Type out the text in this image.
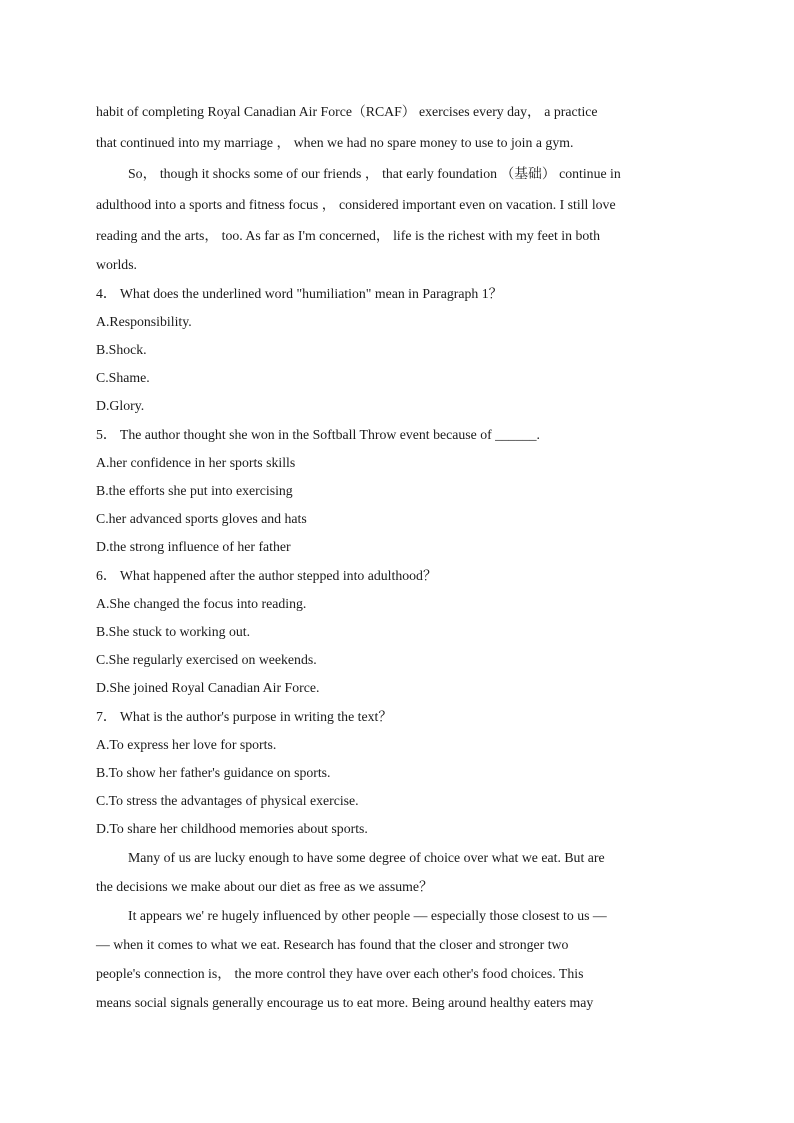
habit of completing Royal Canadian Air Force（RCAF） exercises every day， a practice

that continued into my marriage ， when we had no spare money to use to join a gym.

So， though it shocks some of our friends ， that early foundation （基础） continue in

adulthood into a sports and fitness focus ， considered important even on vacation. I still love

reading and the arts， too. As far as I'm concerned， life is the richest with my feet in both

worlds.

4． What does the underlined word "humiliation" mean in Paragraph 1？

A.Responsibility.

B.Shock.

C.Shame.

D.Glory.

5． The author thought she won in the Softball Throw event because of ______.

A.her confidence in her sports skills

B.the efforts she put into exercising

C.her advanced sports gloves and hats

D.the strong influence of her father

6． What happened after the author stepped into adulthood？

A.She changed the focus into reading.

B.She stuck to working out.

C.She regularly exercised on weekends.

D.She joined Royal Canadian Air Force.

7． What is the author's purpose in writing the text？

A.To express her love for sports.

B.To show her father's guidance on sports.

C.To stress the advantages of physical exercise.

D.To share her childhood memories about sports.

Many of us are lucky enough to have some degree of choice over what we eat. But are

the decisions we make about our diet as free as we assume？

It appears we' re hugely influenced by other people — especially those closest to us —

— when it comes to what we eat. Research has found that the closer and stronger two

people's connection is， the more control they have over each other's food choices. This

means social signals generally encourage us to eat more. Being around healthy eaters may
